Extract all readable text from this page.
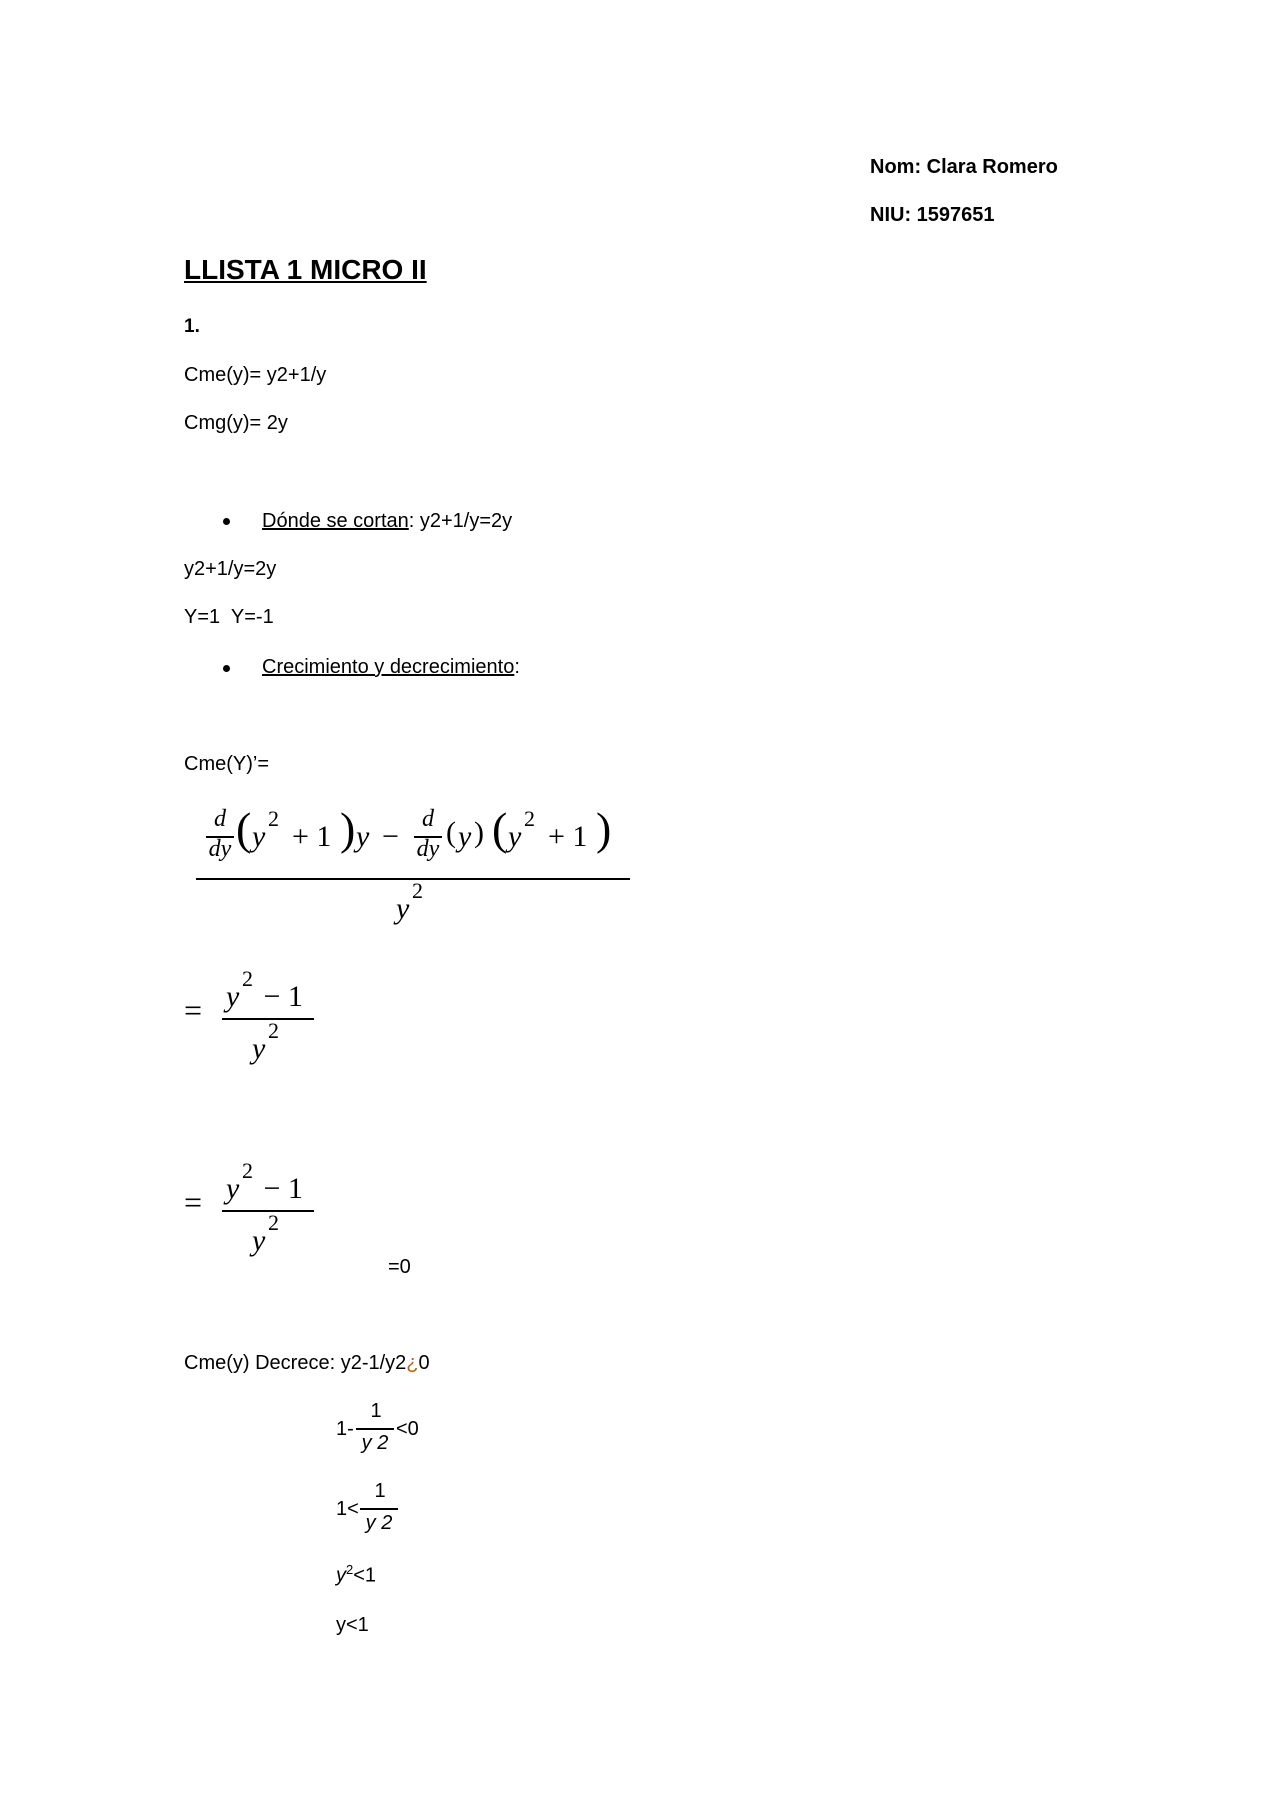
Nom: Clara Romero
NIU: 1597651
LLISTA 1 MICRO II
1.
Cme(y)= y2+1/y
Cmg(y)= 2y
Dónde se cortan: y2+1/y=2y
y2+1/y=2y
Y=1  Y=-1
Crecimiento y decrecimiento:
Cme(Y)’=
d
dy ( y
2
+ 1 ) y −
d
dy ( y ) ( y
2
+ 1 )
y
2
= y
2
− 1
y
2
= y
2
− 1
y
2
=0
Cme(y) Decrece: y2-1/y2¿0
1-
1
y 2
<0
1<
1
y 2
$y^2<1$
y<1
